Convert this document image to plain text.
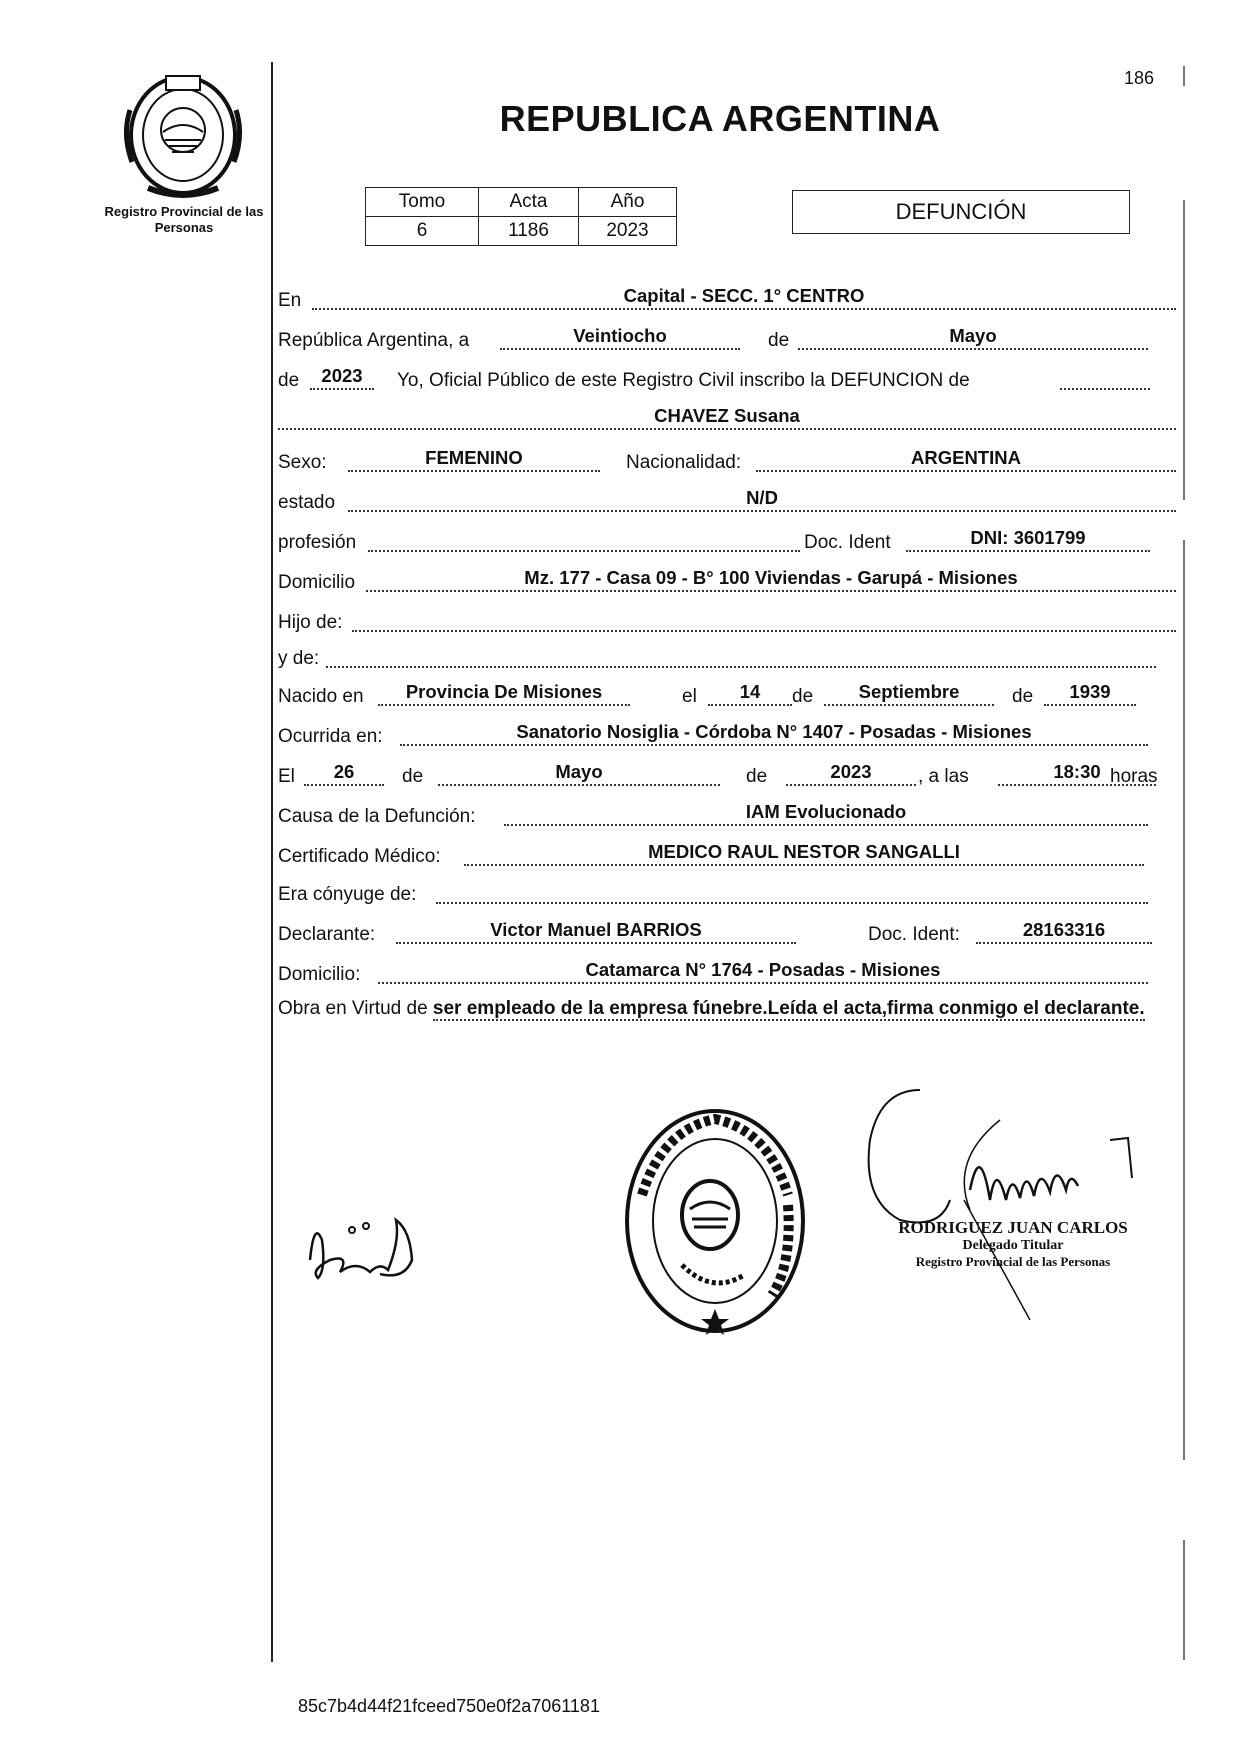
Registro Provincial de las Personas
186
REPUBLICA ARGENTINA
Tomo	Acta	Año
6	1186	2023
DEFUNCIÓN
En	Capital - SECC. 1° CENTRO
República Argentina, a	Veintiocho	de	Mayo
de	2023	Yo, Oficial Público de este Registro Civil inscribo la DEFUNCION de
CHAVEZ Susana
Sexo:	FEMENINO	Nacionalidad:	ARGENTINA
estado	N/D
profesión	Doc. Ident	DNI: 3601799
Domicilio	Mz. 177 - Casa 09 - B° 100 Viviendas - Garupá - Misiones
Hijo de:
y de:
Nacido en	Provincia De Misiones	el	14	de	Septiembre	de	1939
Ocurrida en:	Sanatorio Nosiglia - Córdoba N° 1407 - Posadas - Misiones
El	26	de	Mayo	de	2023	, a las	18:30 horas
Causa de la Defunción:	IAM Evolucionado
Certificado Médico:	MEDICO RAUL NESTOR SANGALLI
Era cónyuge de:
Declarante:	Victor Manuel BARRIOS	Doc. Ident:	28163316
Domicilio:	Catamarca N° 1764 - Posadas - Misiones
Obra en Virtud de ser empleado de la empresa fúnebre.Leída el acta,firma conmigo el declarante.
RODRIGUEZ JUAN CARLOS
Delegado Titular
Registro Provincial de las Personas
85c7b4d44f21fceed750e0f2a7061181
